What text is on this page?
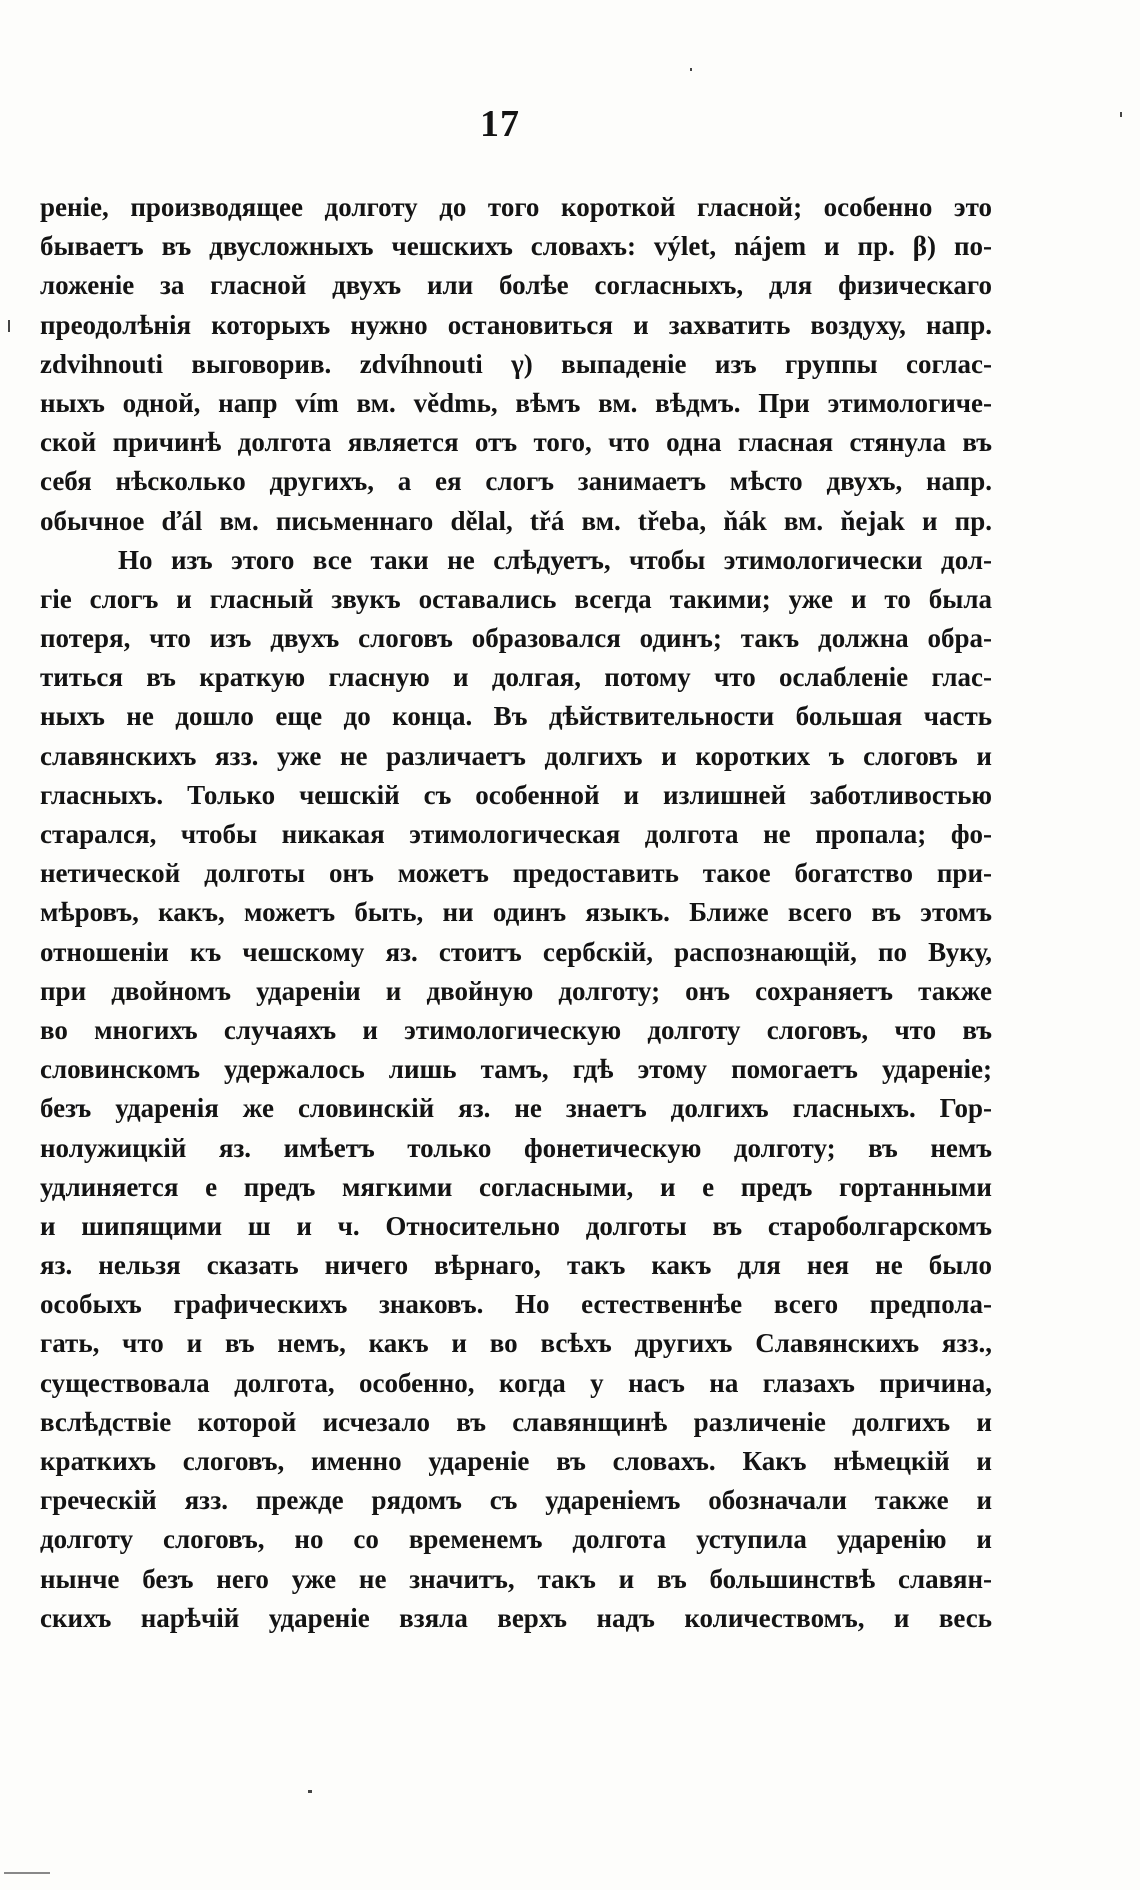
17
реніе, производящее долготу до того короткой гласной; особенно это
бываетъ въ двусложныхъ чешскихъ словахъ: výlet, nájem и пр. β) по-
ложеніе за гласной двухъ или болѣе согласныхъ, для физическаго
преодолѣнія которыхъ нужно остановиться и захватить воздуху, напр.
zdvihnouti выговорив. zdvíhnouti γ) выпаденіе изъ группы соглас-
ныхъ одной, напр vím вм. vědmь, вѣмъ вм. вѣдмъ. При этимологиче-
ской причинѣ долгота является отъ того, что одна гласная стянула въ
себя нѣсколько другихъ, а ея слогъ занимаетъ мѣсто двухъ, напр.
обычное ďál вм. письменнаго dělal, třá вм. třeba, ňák вм. ňejak и пр.
Но изъ этого все таки не слѣдуетъ, чтобы этимологически дол-
гіе слогъ и гласный звукъ оставались всегда такими; уже и то была
потеря, что изъ двухъ слоговъ образовался одинъ; такъ должна обра-
титься въ краткую гласную и долгая, потому что ослабленіе глас-
ныхъ не дошло еще до конца. Въ дѣйствительности большая часть
славянскихъ язз. уже не различаетъ долгихъ и коротких ъ слоговъ и
гласныхъ. Только чешскій съ особенной и излишней заботливостью
старался, чтобы никакая этимологическая долгота не пропала; фо-
нетической долготы онъ можетъ предоставить такое богатство при-
мѣровъ, какъ, можетъ быть, ни одинъ языкъ. Ближе всего въ этомъ
отношеніи къ чешскому яз. стоитъ сербскій, распознающій, по Вуку,
при двойномъ удареніи и двойную долготу; онъ сохраняетъ также
во многихъ случаяхъ и этимологическую долготу слоговъ, что въ
словинскомъ удержалось лишь тамъ, гдѣ этому помогаетъ удареніе;
безъ ударенія же словинскій яз. не знаетъ долгихъ гласныхъ. Гор-
нолужицкій яз. имѣетъ только фонетическую долготу; въ немъ
удлиняется е предъ мягкими согласными, и е предъ гортанными
и шипящими ш и ч. Относительно долготы въ староболгарскомъ
яз. нельзя сказать ничего вѣрнаго, такъ какъ для нея не было
особыхъ графическихъ знаковъ. Но естественнѣе всего предпола-
гать, что и въ немъ, какъ и во всѣхъ другихъ Славянскихъ язз.,
существовала долгота, особенно, когда у насъ на глазахъ причина,
вслѣдствіе которой исчезало въ славянщинѣ различеніе долгихъ и
краткихъ слоговъ, именно удареніе въ словахъ. Какъ нѣмецкій и
греческій язз. прежде рядомъ съ удареніемъ обозначали также и
долготу слоговъ, но со временемъ долгота уступила ударенію и
нынче безъ него уже не значитъ, такъ и въ большинствѣ славян-
скихъ нарѣчій удареніе взяла верхъ надъ количествомъ, и весь
